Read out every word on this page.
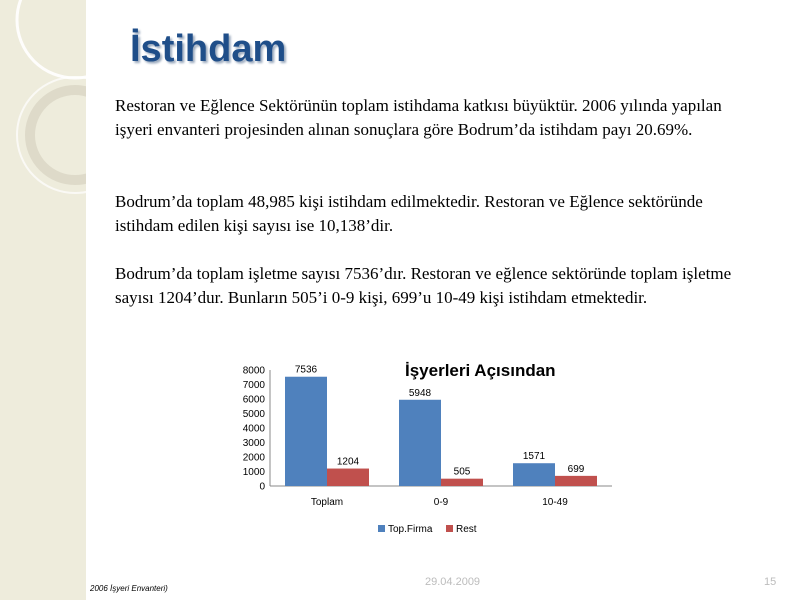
İstihdam
Restoran ve Eğlence Sektörünün toplam istihdama katkısı büyüktür. 2006 yılında yapılan işyeri envanteri projesinden alınan sonuçlara göre Bodrum’da istihdam payı 20.69%.
Bodrum’da toplam 48,985 kişi istihdam edilmektedir. Restoran ve Eğlence sektöründe istihdam edilen kişi sayısı ise 10,138’dir.
Bodrum’da toplam işletme sayısı 7536’dır. Restoran ve eğlence sektöründe toplam işletme sayısı 1204’dur. Bunların 505’i 0-9 kişi, 699’u 10-49 kişi istihdam etmektedir.
İşyerleri Açısından
0
1000
2000
3000
4000
5000
6000
7000
8000	7536
1204
Toplam
5948
505
0-9
1571
699
10-49
Top.Firma Rest
2006 İşyeri Envanteri)
29.04.2009	15
